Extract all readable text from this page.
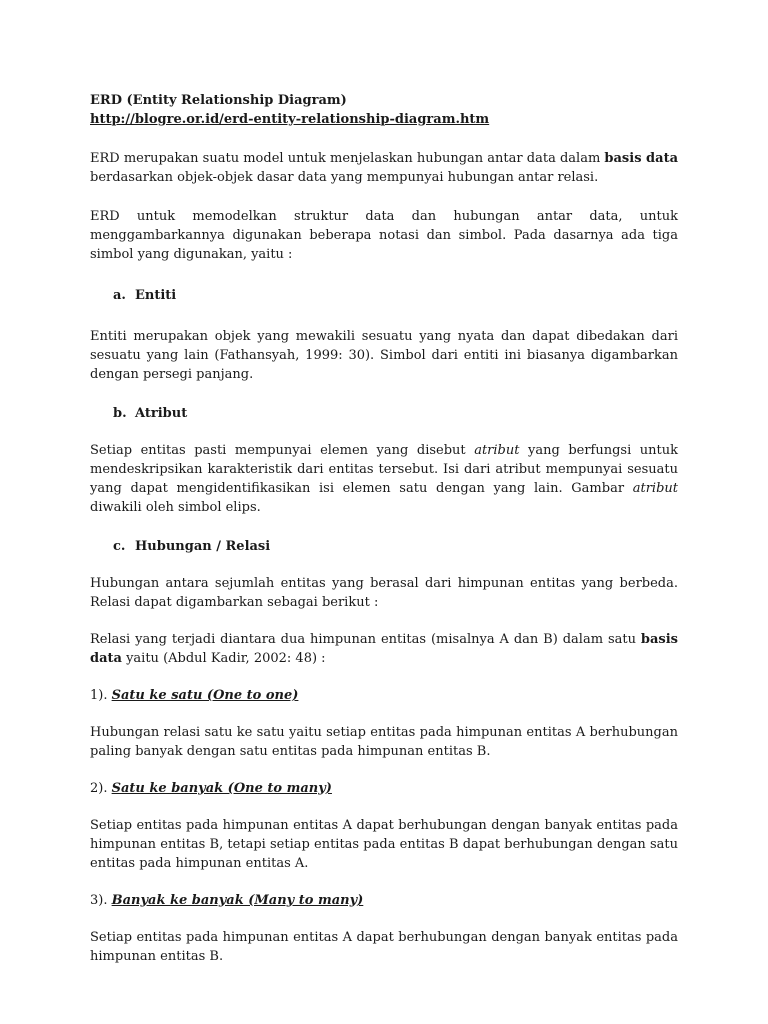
ERD (Entity Relationship Diagram)

http://blogre.or.id/erd-entity-relationship-diagram.htm

ERD merupakan suatu model untuk menjelaskan hubungan antar data dalam basis data berdasarkan objek-objek dasar data yang mempunyai hubungan antar relasi.

ERD untuk memodelkan struktur data dan hubungan antar data, untuk menggambarkannya digunakan beberapa notasi dan simbol. Pada dasarnya ada tiga simbol yang digunakan, yaitu :

a. Entiti

Entiti merupakan objek yang mewakili sesuatu yang nyata dan dapat dibedakan dari sesuatu yang lain (Fathansyah, 1999: 30). Simbol dari entiti ini biasanya digambarkan dengan persegi panjang.

b. Atribut

Setiap entitas pasti mempunyai elemen yang disebut atribut yang berfungsi untuk mendeskripsikan karakteristik dari entitas tersebut. Isi dari atribut mempunyai sesuatu yang dapat mengidentifikasikan isi elemen satu dengan yang lain. Gambar atribut diwakili oleh simbol elips.

c. Hubungan / Relasi

Hubungan antara sejumlah entitas yang berasal dari himpunan entitas yang berbeda. Relasi dapat digambarkan sebagai berikut :

Relasi yang terjadi diantara dua himpunan entitas (misalnya A dan B) dalam satu basis data yaitu (Abdul Kadir, 2002: 48) :

1). Satu ke satu (One to one)

Hubungan relasi satu ke satu yaitu setiap entitas pada himpunan entitas A berhubungan paling banyak dengan satu entitas pada himpunan entitas B.

2). Satu ke banyak (One to many)

Setiap entitas pada himpunan entitas A dapat berhubungan dengan banyak entitas pada himpunan entitas B, tetapi setiap entitas pada entitas B dapat berhubungan dengan satu entitas pada himpunan entitas A.

3). Banyak ke banyak (Many to many)

Setiap entitas pada himpunan entitas A dapat berhubungan dengan banyak entitas pada himpunan entitas B.
